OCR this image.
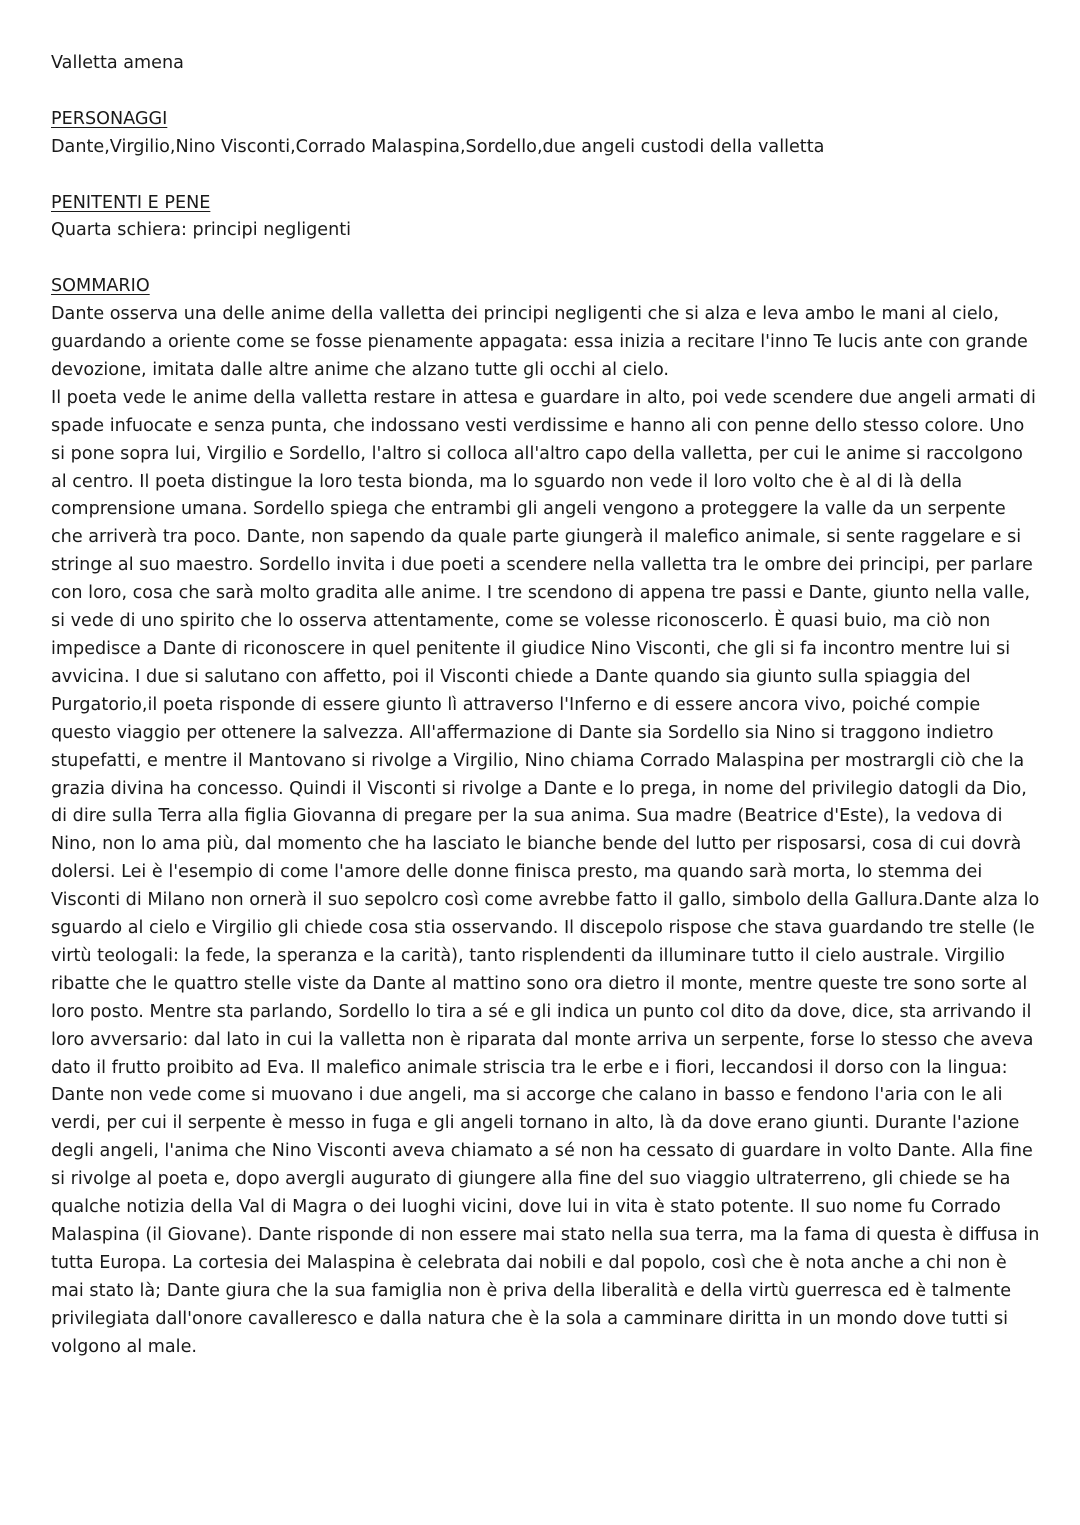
Valletta amena

PERSONAGGI

Dante,Virgilio,Nino Visconti,Corrado Malaspina,Sordello,due angeli custodi della valletta

PENITENTI E PENE

Quarta schiera: principi negligenti

SOMMARIO

Dante osserva una delle anime della valletta dei principi negligenti che si alza e leva ambo le mani al cielo, guardando a oriente come se fosse pienamente appagata: essa inizia a recitare l'inno Te lucis ante con grande devozione, imitata dalle altre anime che alzano tutte gli occhi al cielo.

Il poeta vede le anime della valletta restare in attesa e guardare in alto, poi vede scendere due angeli armati di spade infuocate e senza punta, che indossano vesti verdissime e hanno ali con penne dello stesso colore. Uno si pone sopra lui, Virgilio e Sordello, l'altro si colloca all'altro capo della valletta, per cui le anime si raccolgono al centro. Il poeta distingue la loro testa bionda, ma lo sguardo non vede il loro volto che è al di là della comprensione umana. Sordello spiega che entrambi gli angeli vengono a proteggere la valle da un serpente che arriverà tra poco. Dante, non sapendo da quale parte giungerà il malefico animale, si sente raggelare e si stringe al suo maestro. Sordello invita i due poeti a scendere nella valletta tra le ombre dei principi, per parlare con loro, cosa che sarà molto gradita alle anime. I tre scendono di appena tre passi e Dante, giunto nella valle, si vede di uno spirito che lo osserva attentamente, come se volesse riconoscerlo. È quasi buio, ma ciò non impedisce a Dante di riconoscere in quel penitente il giudice Nino Visconti, che gli si fa incontro mentre lui si avvicina. I due si salutano con affetto, poi il Visconti chiede a Dante quando sia giunto sulla spiaggia del Purgatorio,il poeta risponde di essere giunto lì attraverso l'Inferno e di essere ancora vivo, poiché compie questo viaggio per ottenere la salvezza. All'affermazione di Dante sia Sordello sia Nino si traggono indietro stupefatti, e mentre il Mantovano si rivolge a Virgilio, Nino chiama Corrado Malaspina per mostrargli ciò che la grazia divina ha concesso. Quindi il Visconti si rivolge a Dante e lo prega, in nome del privilegio datogli da Dio, di dire sulla Terra alla figlia Giovanna di pregare per la sua anima. Sua madre (Beatrice d'Este), la vedova di Nino, non lo ama più, dal momento che ha lasciato le bianche bende del lutto per risposarsi, cosa di cui dovrà dolersi. Lei è l'esempio di come l'amore delle donne finisca presto, ma quando sarà morta, lo stemma dei Visconti di Milano non ornerà il suo sepolcro così come avrebbe fatto il gallo, simbolo della Gallura.Dante alza lo sguardo al cielo e Virgilio gli chiede cosa stia osservando. Il discepolo rispose che stava guardando tre stelle (le virtù teologali: la fede, la speranza e la carità), tanto risplendenti da illuminare tutto il cielo australe. Virgilio ribatte che le quattro stelle viste da Dante al mattino sono ora dietro il monte, mentre queste tre sono sorte al loro posto. Mentre sta parlando, Sordello lo tira a sé e gli indica un punto col dito da dove, dice, sta arrivando il loro avversario: dal lato in cui la valletta non è riparata dal monte arriva un serpente, forse lo stesso che aveva dato il frutto proibito ad Eva. Il malefico animale striscia tra le erbe e i fiori, leccandosi il dorso con la lingua: Dante non vede come si muovano i due angeli, ma si accorge che calano in basso e fendono l'aria con le ali verdi, per cui il serpente è messo in fuga e gli angeli tornano in alto, là da dove erano giunti. Durante l'azione degli angeli, l'anima che Nino Visconti aveva chiamato a sé non ha cessato di guardare in volto Dante. Alla fine si rivolge al poeta e, dopo avergli augurato di giungere alla fine del suo viaggio ultraterreno, gli chiede se ha qualche notizia della Val di Magra o dei luoghi vicini, dove lui in vita è stato potente. Il suo nome fu Corrado Malaspina (il Giovane). Dante risponde di non essere mai stato nella sua terra, ma la fama di questa è diffusa in tutta Europa. La cortesia dei Malaspina è celebrata dai nobili e dal popolo, così che è nota anche a chi non è mai stato là; Dante giura che la sua famiglia non è priva della liberalità e della virtù guerresca ed è talmente privilegiata dall'onore cavalleresco e dalla natura che è la sola a camminare diritta in un mondo dove tutti si volgono al male.
